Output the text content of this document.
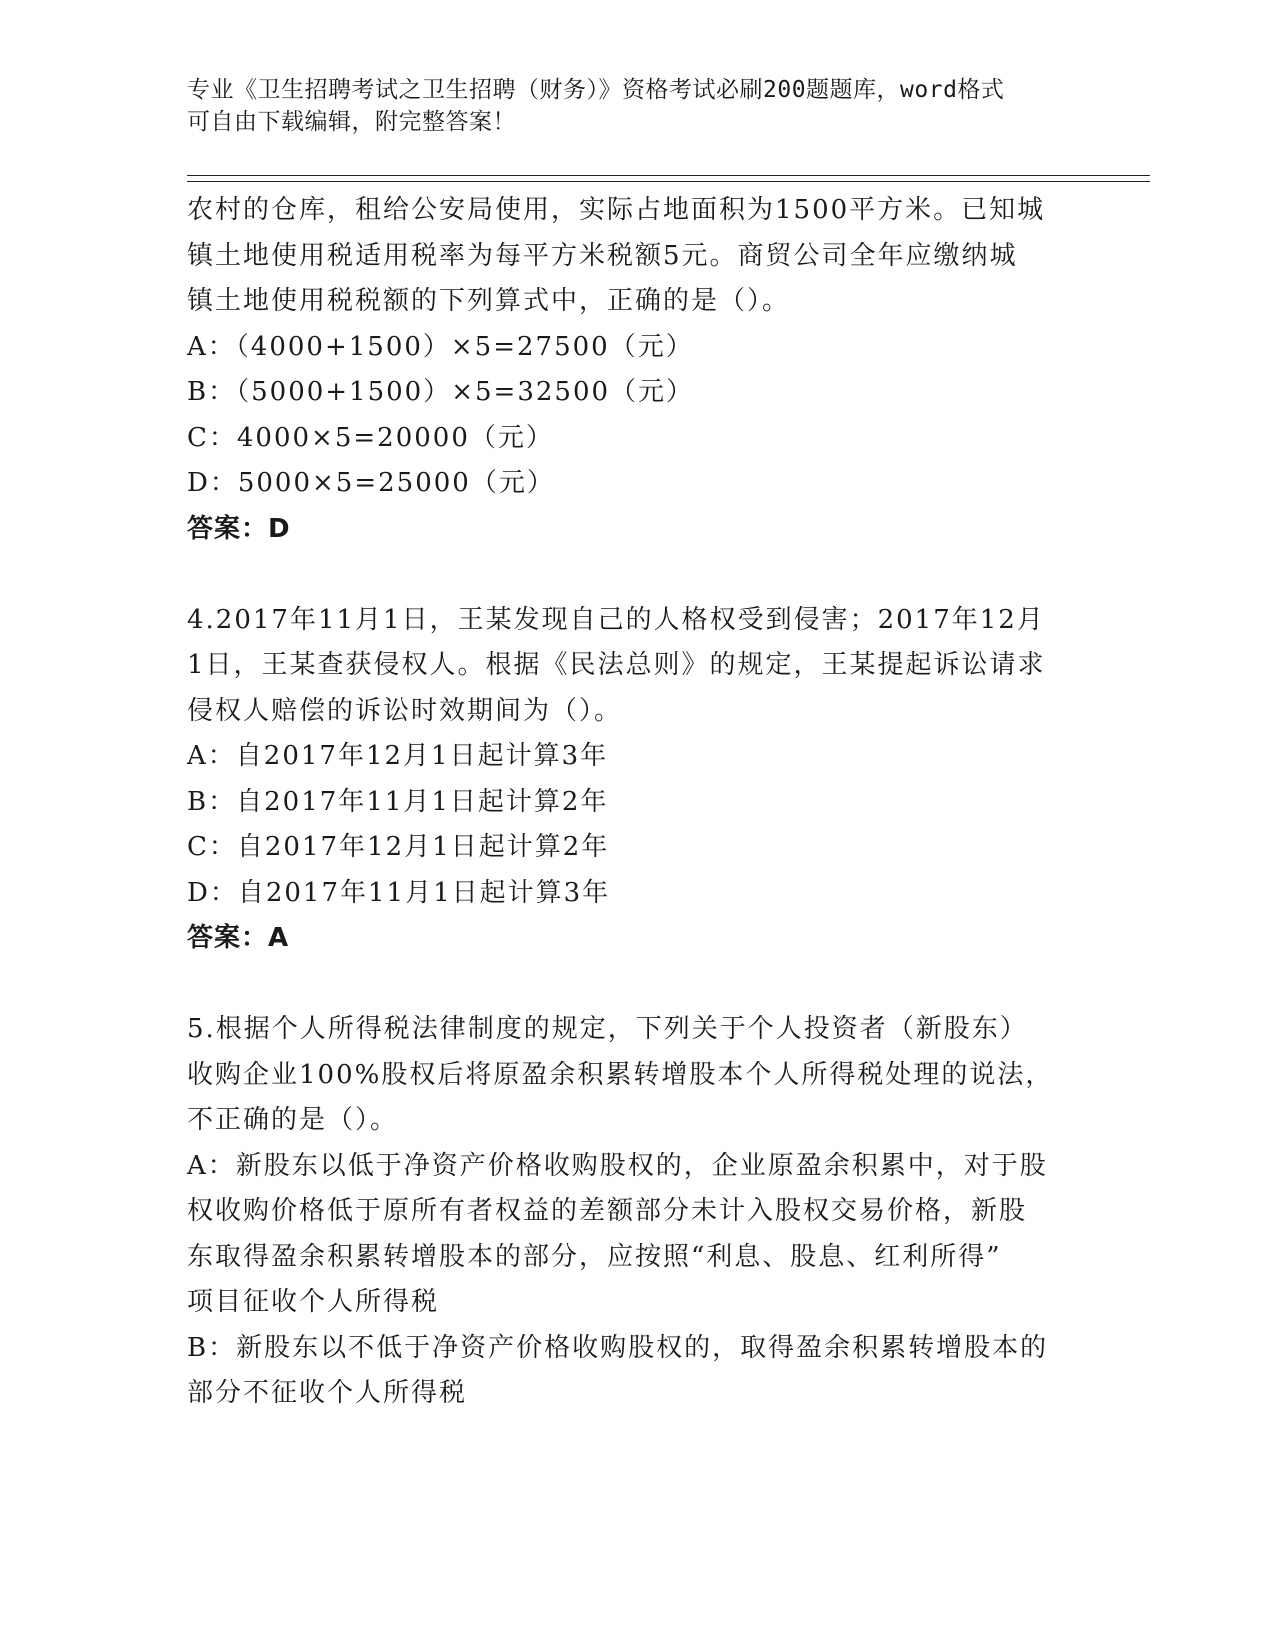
专业《卫生招聘考试之卫生招聘（财务）》资格考试必刷200题题库，word格式
可自由下载编辑，附完整答案！
农村的仓库，租给公安局使用，实际占地面积为1500平方米。已知城
镇土地使用税适用税率为每平方米税额5元。商贸公司全年应缴纳城
镇土地使用税税额的下列算式中，正确的是（）。
A：（4000+1500）×5=27500（元）
B：（5000+1500）×5=32500（元）
C：4000×5=20000（元）
D：5000×5=25000（元）
答案：D
4.2017年11月1日，王某发现自己的人格权受到侵害；2017年12月
1日，王某查获侵权人。根据《民法总则》的规定，王某提起诉讼请求
侵权人赔偿的诉讼时效期间为（）。
A：自2017年12月1日起计算3年
B：自2017年11月1日起计算2年
C：自2017年12月1日起计算2年
D：自2017年11月1日起计算3年
答案：A
5.根据个人所得税法律制度的规定，下列关于个人投资者（新股东）
收购企业100%股权后将原盈余积累转增股本个人所得税处理的说法，
不正确的是（）。
A：新股东以低于净资产价格收购股权的，企业原盈余积累中，对于股
权收购价格低于原所有者权益的差额部分未计入股权交易价格，新股
东取得盈余积累转增股本的部分，应按照“利息、股息、红利所得”
项目征收个人所得税
B：新股东以不低于净资产价格收购股权的，取得盈余积累转增股本的
部分不征收个人所得税
